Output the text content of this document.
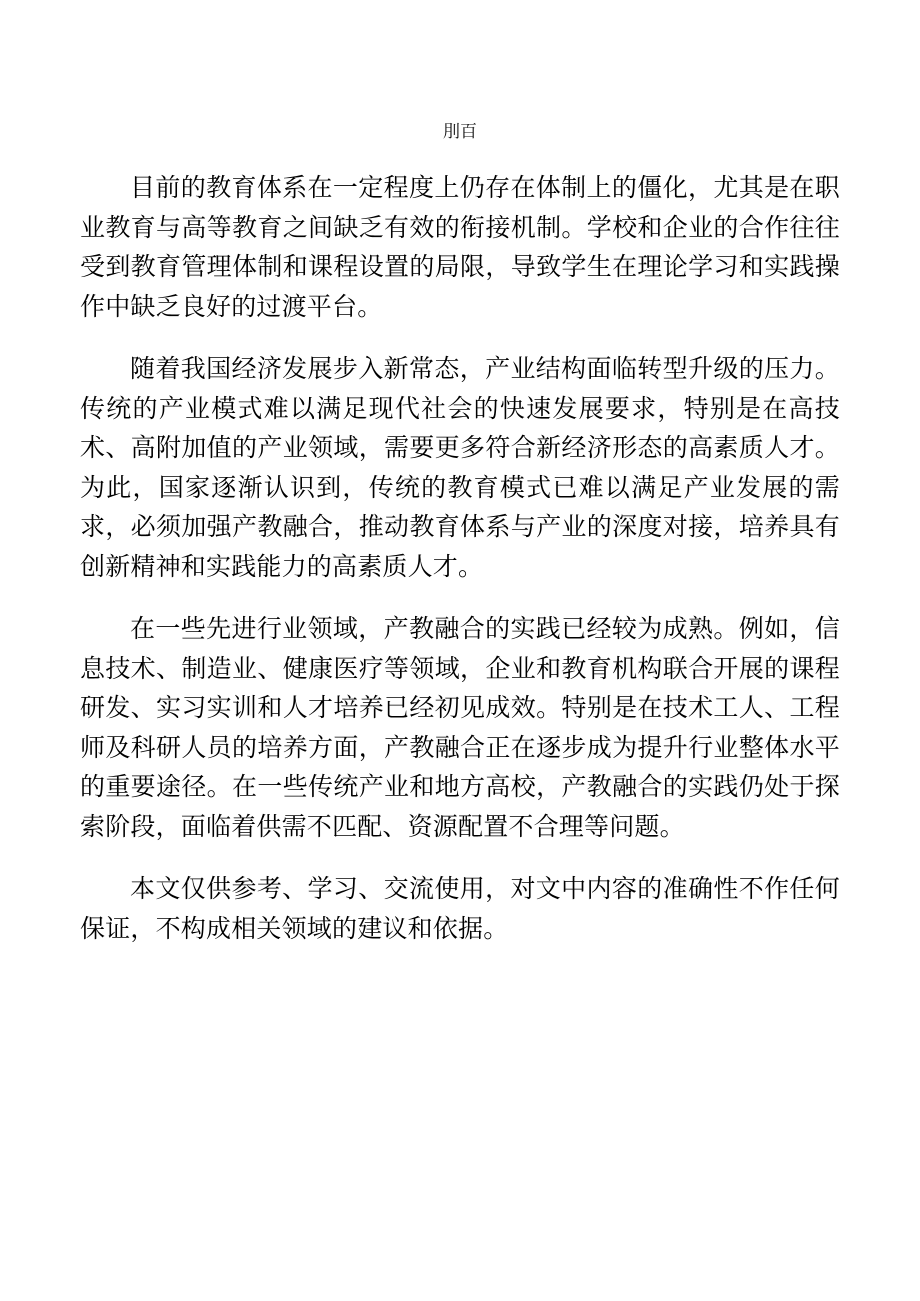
刖百

目前的教育体系在一定程度上仍存在体制上的僵化，尤其是在职业教育与高等教育之间缺乏有效的衔接机制。学校和企业的合作往往受到教育管理体制和课程设置的局限，导致学生在理论学习和实践操作中缺乏良好的过渡平台。

随着我国经济发展步入新常态，产业结构面临转型升级的压力。传统的产业模式难以满足现代社会的快速发展要求，特别是在高技术、高附加值的产业领域，需要更多符合新经济形态的高素质人才。为此，国家逐渐认识到，传统的教育模式已难以满足产业发展的需求，必须加强产教融合，推动教育体系与产业的深度对接，培养具有创新精神和实践能力的高素质人才。

在一些先进行业领域，产教融合的实践已经较为成熟。例如，信息技术、制造业、健康医疗等领域，企业和教育机构联合开展的课程研发、实习实训和人才培养已经初见成效。特别是在技术工人、工程师及科研人员的培养方面，产教融合正在逐步成为提升行业整体水平的重要途径。在一些传统产业和地方高校，产教融合的实践仍处于探索阶段，面临着供需不匹配、资源配置不合理等问题。

本文仅供参考、学习、交流使用，对文中内容的准确性不作任何保证，不构成相关领域的建议和依据。
